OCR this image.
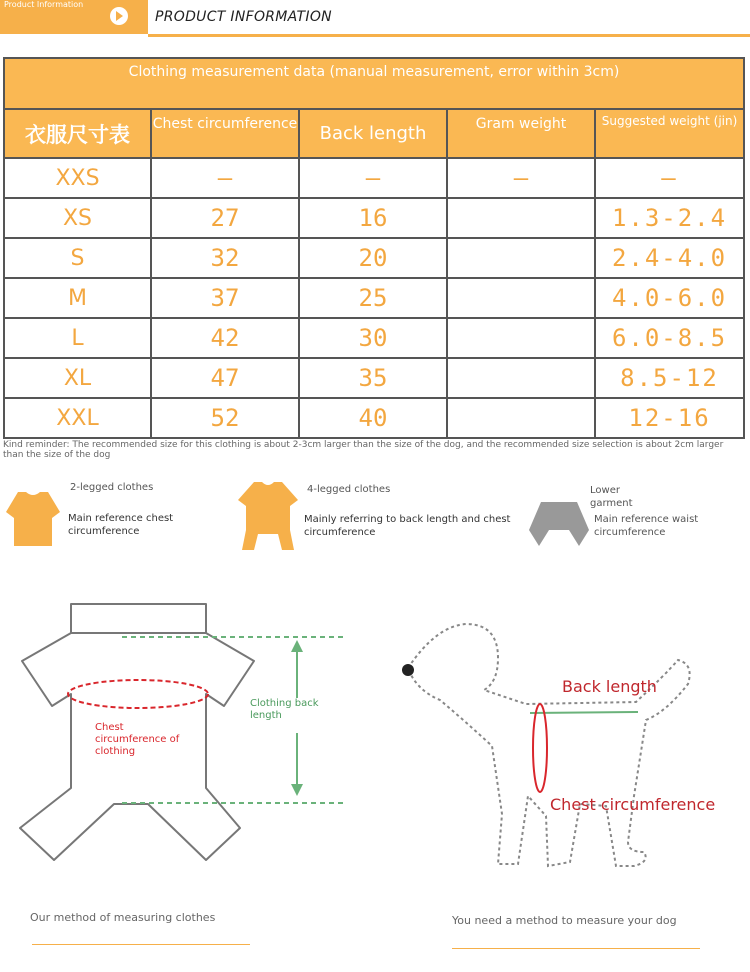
Product Information
PRODUCT INFORMATION
Clothing measurement data (manual measurement, error within 3cm)				
衣服尺寸表	Chest circumference	Back length	Gram weight	Suggested weight (jin)
XXS	—	—	—	—
XS	27	16		1.3-2.4
S	32	20		2.4-4.0
M	37	25		4.0-6.0
L	42	30		6.0-8.5
XL	47	35		8.5-12
XXL	52	40		12-16
Kind reminder: The recommended size for this clothing is about 2-3cm larger than the size of the dog, and the recommended size selection is about 2cm larger than the size of the dog
2-legged clothes
Main reference chest circumference
4-legged clothes
Mainly referring to back length and chest circumference
Lower garment
Main reference waist circumference
Chest circumference of clothing
Clothing back length
Back length
Chest circumference
Our method of measuring clothes	You need a method to measure your dog
